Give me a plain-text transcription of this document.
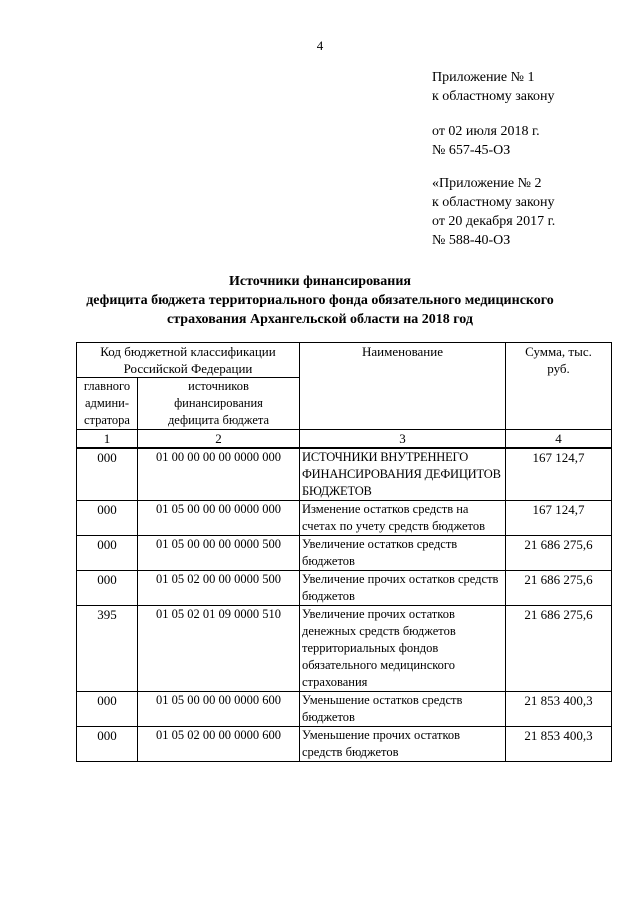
4
Приложение № 1
к областному закону
от 02 июля 2018 г.
№ 657-45-ОЗ
«Приложение № 2
к областному закону
от 20 декабря 2017 г.
№ 588-40-ОЗ
Источники финансирования
дефицита бюджета территориального фонда обязательного медицинского
страхования Архангельской области на 2018 год
Код бюджетной классификации Российской Федерации		Наименование	Сумма, тыс. руб.
главного админи-стратора	источников финансирования дефицита бюджета		
1	2	3	4
000	01 00 00 00 00 0000 000	ИСТОЧНИКИ ВНУТРЕННЕГО ФИНАНСИРОВАНИЯ ДЕФИЦИТОВ БЮДЖЕТОВ	167 124,7
000	01 05 00 00 00 0000 000	Изменение остатков средств на счетах по учету средств бюджетов	167 124,7
000	01 05 00 00 00 0000 500	Увеличение остатков средств бюджетов	21 686 275,6
000	01 05 02 00 00 0000 500	Увеличение прочих остатков средств бюджетов	21 686 275,6
395	01 05 02 01 09 0000 510	Увеличение прочих остатков денежных средств бюджетов территориальных фондов обязательного медицинского страхования	21 686 275,6
000	01 05 00 00 00 0000 600	Уменьшение остатков средств бюджетов	21 853 400,3
000	01 05 02 00 00 0000 600	Уменьшение прочих остатков средств бюджетов	21 853 400,3
